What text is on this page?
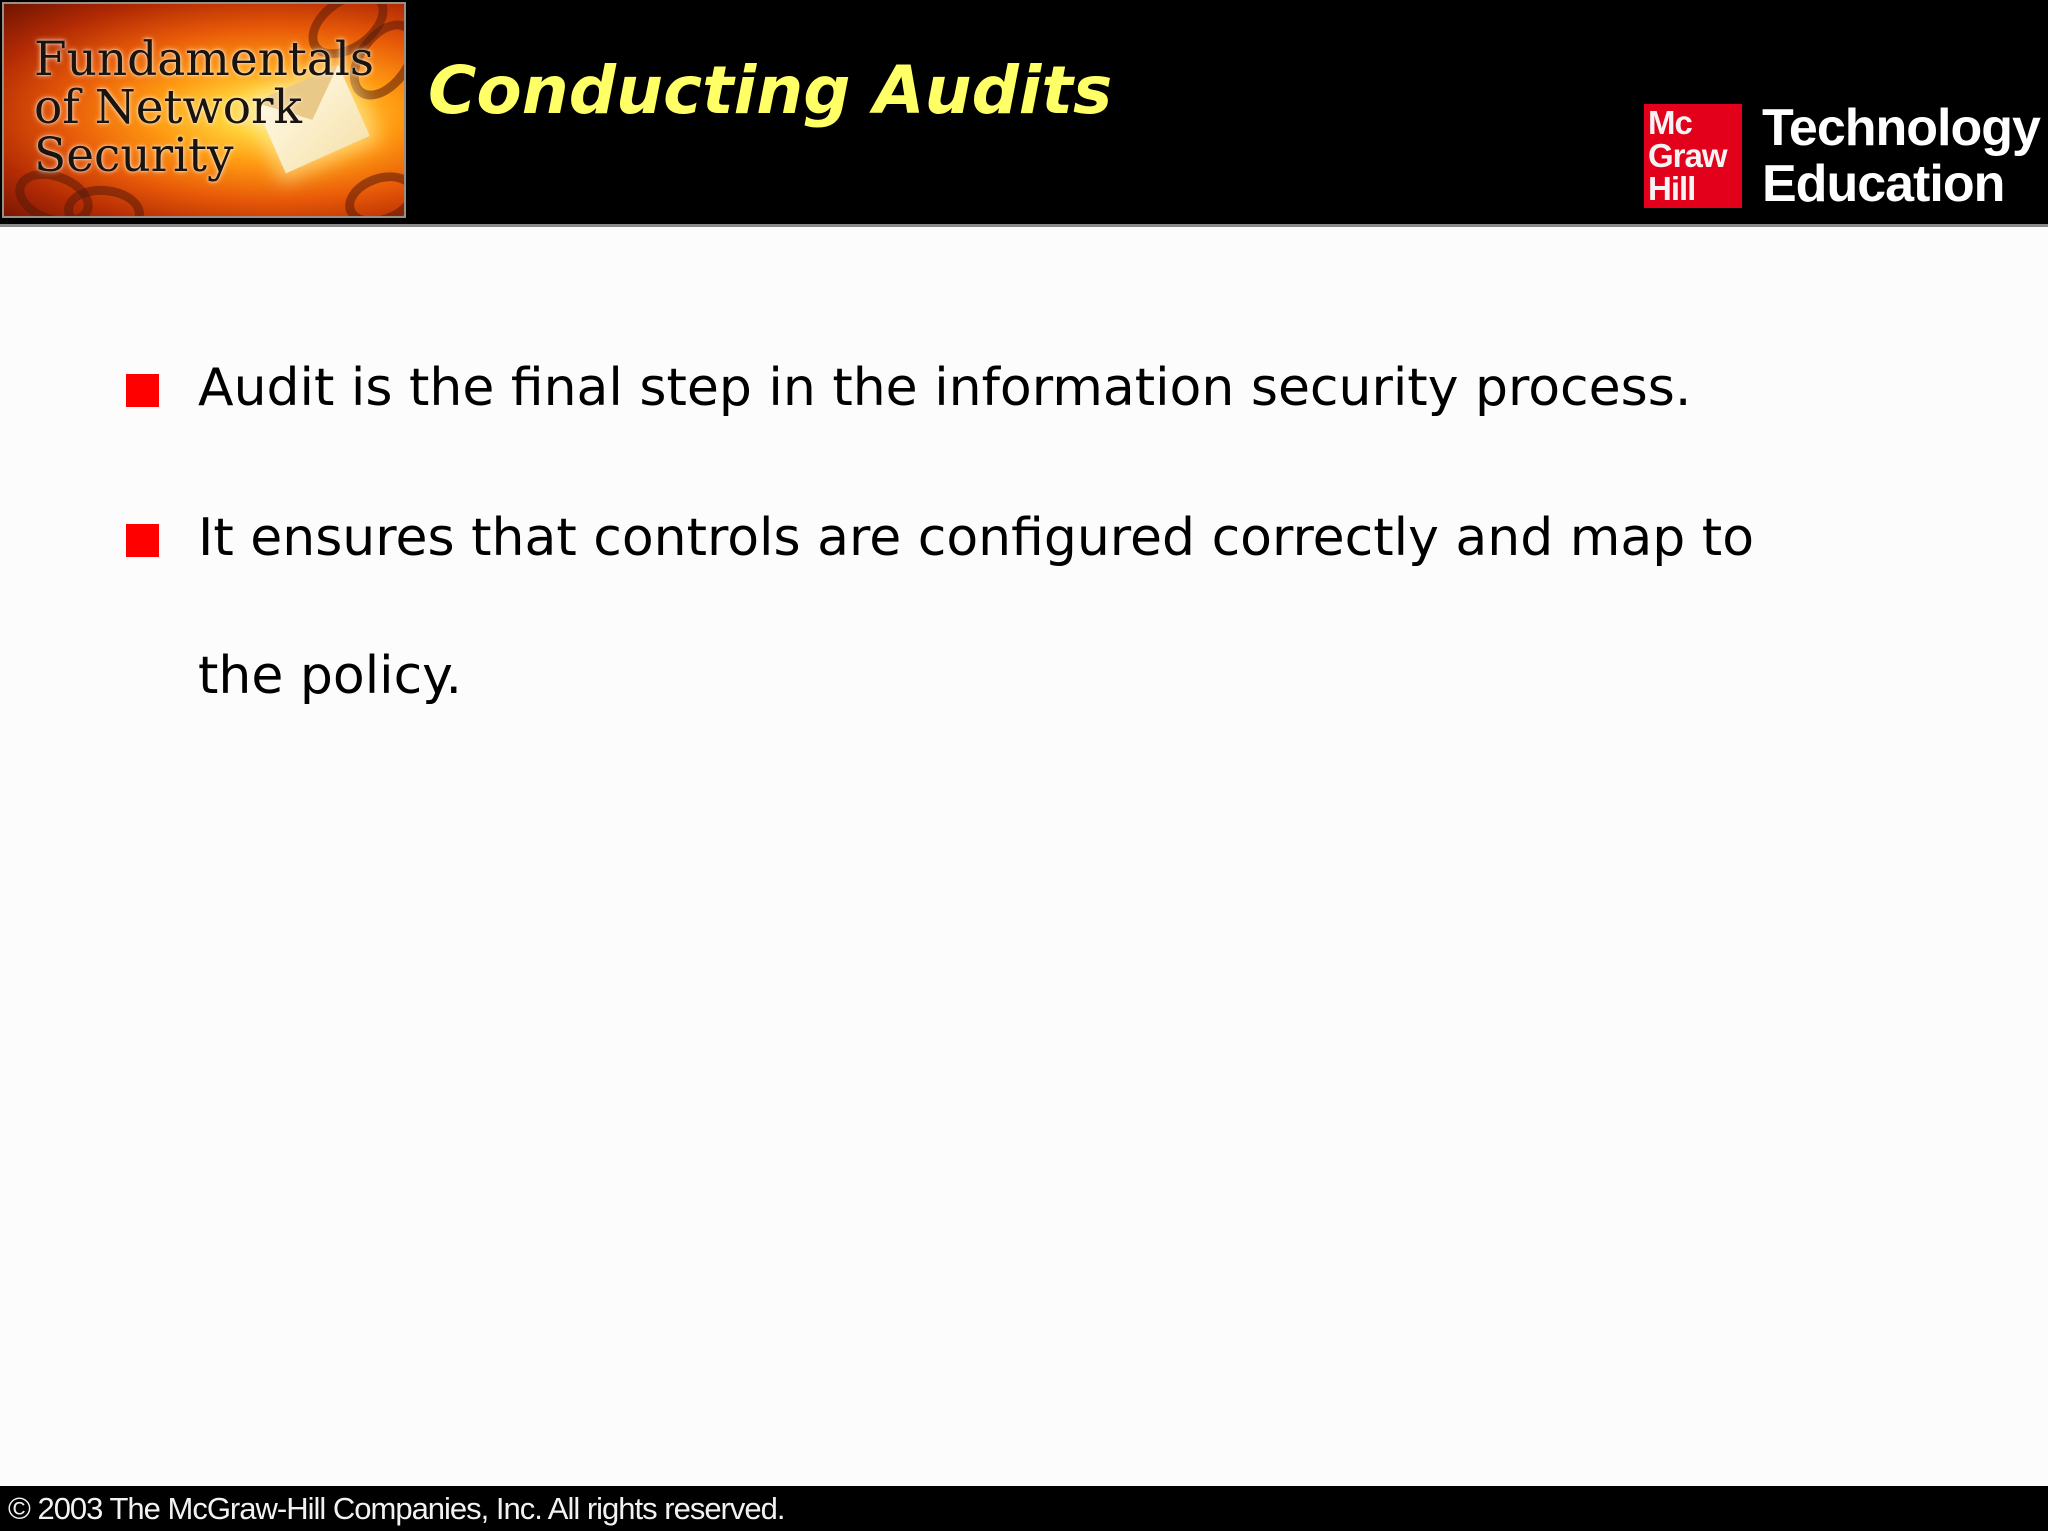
Fundamentals
of Network
Security
Conducting Audits	Mc
Graw
Hill
Technology
Education
Audit is the final step in the information security process.
It ensures that controls are configured correctly and map to
the policy.
© 2003 The McGraw-Hill Companies, Inc. All rights reserved.
